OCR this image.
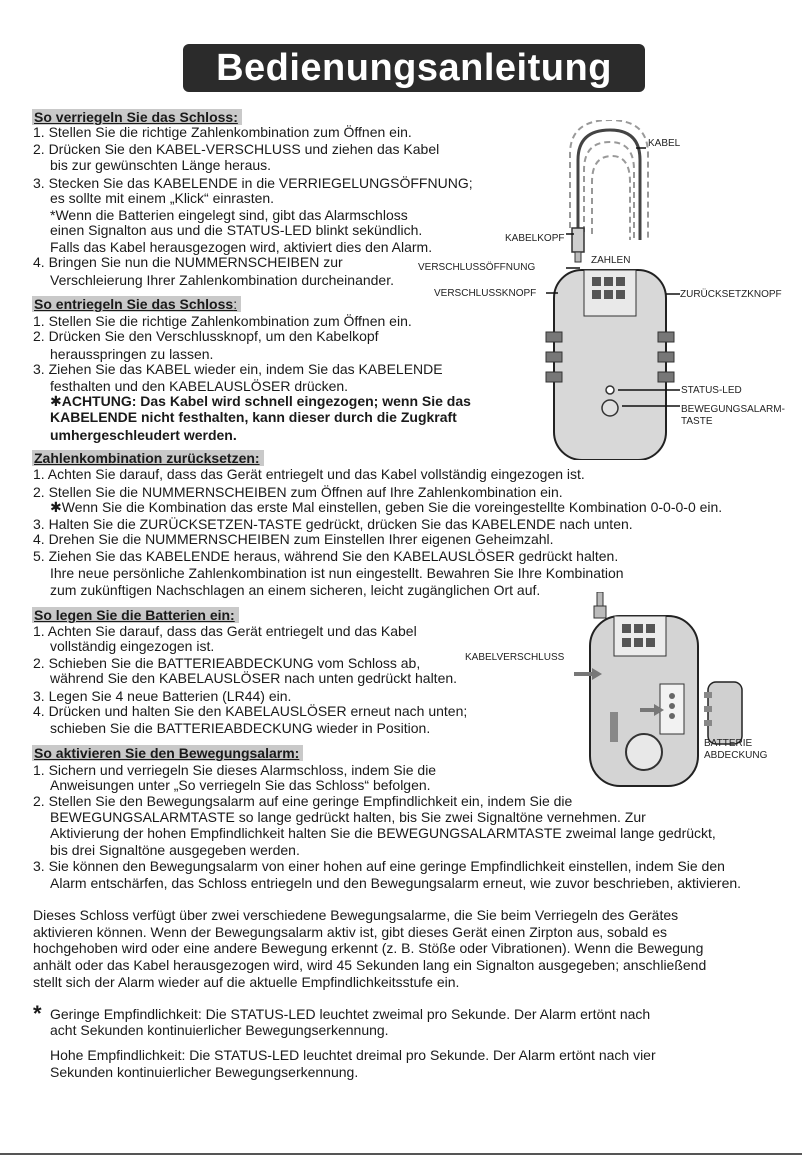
Bedienungsanleitung
So verriegeln Sie das Schloss:
1. Stellen Sie die richtige Zahlenkombination zum Öffnen ein.
2. Drücken Sie den KABEL-VERSCHLUSS und ziehen das Kabel
bis zur gewünschten Länge heraus.
3. Stecken Sie das KABELENDE in die VERRIEGELUNGSÖFFNUNG;
es sollte mit einem „Klick“ einrasten.
*Wenn die Batterien eingelegt sind, gibt das Alarmschloss
einen Signalton aus und die STATUS-LED blinkt sekündlich.
Falls das Kabel herausgezogen wird, aktiviert dies den Alarm.
4. Bringen Sie nun die NUMMERNSCHEIBEN zur
Verschleierung Ihrer Zahlenkombination durcheinander.
So entriegeln Sie das Schloss:
1. Stellen Sie die richtige Zahlenkombination zum Öffnen ein.
2. Drücken Sie den Verschlussknopf, um den Kabelkopf
herausspringen zu lassen.
3. Ziehen Sie das KABEL wieder ein, indem Sie das KABELENDE
festhalten und den KABELAUSLÖSER drücken.
✱ACHTUNG: Das Kabel wird schnell eingezogen; wenn Sie das
KABELENDE nicht festhalten, kann dieser durch die Zugkraft
umhergeschleudert werden.
Zahlenkombination zurücksetzen:
1. Achten Sie darauf, dass das Gerät entriegelt und das Kabel vollständig eingezogen ist.
2. Stellen Sie die NUMMERNSCHEIBEN zum Öffnen auf Ihre Zahlenkombination ein.
✱Wenn Sie die Kombination das erste Mal einstellen, geben Sie die voreingestellte Kombination 0-0-0-0 ein.
3. Halten Sie die ZURÜCKSETZEN-TASTE gedrückt, drücken Sie das KABELENDE nach unten.
4. Drehen Sie die NUMMERNSCHEIBEN zum Einstellen Ihrer eigenen Geheimzahl.
5. Ziehen Sie das KABELENDE heraus, während Sie den KABELAUSLÖSER gedrückt halten.
Ihre neue persönliche Zahlenkombination ist nun eingestellt. Bewahren Sie Ihre Kombination
zum zukünftigen Nachschlagen an einem sicheren, leicht zugänglichen Ort auf.
So legen Sie die Batterien ein:
1. Achten Sie darauf, dass das Gerät entriegelt und das Kabel
vollständig eingezogen ist.
2. Schieben Sie die BATTERIEABDECKUNG vom Schloss ab,
während Sie den KABELAUSLÖSER nach unten gedrückt halten.
3. Legen Sie 4 neue Batterien (LR44) ein.
4. Drücken und halten Sie den KABELAUSLÖSER erneut nach unten;
schieben Sie die BATTERIEABDECKUNG wieder in Position.
So aktivieren Sie den Bewegungsalarm:
1. Sichern und verriegeln Sie dieses Alarmschloss, indem Sie die
Anweisungen unter „So verriegeln Sie das Schloss“ befolgen.
2. Stellen Sie den Bewegungsalarm auf eine geringe Empfindlichkeit ein, indem Sie die
BEWEGUNGSALARMTASTE so lange gedrückt halten, bis Sie zwei Signaltöne vernehmen. Zur
Aktivierung der hohen Empfindlichkeit halten Sie die BEWEGUNGSALARMTASTE zweimal lange gedrückt,
bis drei Signaltöne ausgegeben werden.
3. Sie können den Bewegungsalarm von einer hohen auf eine geringe Empfindlichkeit einstellen, indem Sie den
Alarm entschärfen, das Schloss entriegeln und den Bewegungsalarm erneut, wie zuvor beschrieben, aktivieren.
Dieses Schloss verfügt über zwei verschiedene Bewegungsalarme, die Sie beim Verriegeln des Gerätes
aktivieren können. Wenn der Bewegungsalarm aktiv ist, gibt dieses Gerät einen Zirpton aus, sobald es
hochgehoben wird oder eine andere Bewegung erkennt (z. B. Stöße oder Vibrationen). Wenn die Bewegung
anhält oder das Kabel herausgezogen wird, wird 45 Sekunden lang ein Signalton ausgegeben; anschließend
stellt sich der Alarm wieder auf die aktuelle Empfindlichkeitsstufe ein.
* Geringe Empfindlichkeit: Die STATUS-LED leuchtet zweimal pro Sekunde. Der Alarm ertönt nach
acht Sekunden kontinuierlicher Bewegungserkennung.
Hohe Empfindlichkeit: Die STATUS-LED leuchtet dreimal pro Sekunde. Der Alarm ertönt nach vier
Sekunden kontinuierlicher Bewegungserkennung.
KABEL
KABELKOPF
ZAHLEN
VERSCHLUSSÖFFNUNG
VERSCHLUSSKNOPF	ZURÜCKSETZKNOPF
STATUS-LED
BEWEGUNGSALARM-
TASTE
KABELVERSCHLUSS
BATTERIE
ABDECKUNG
